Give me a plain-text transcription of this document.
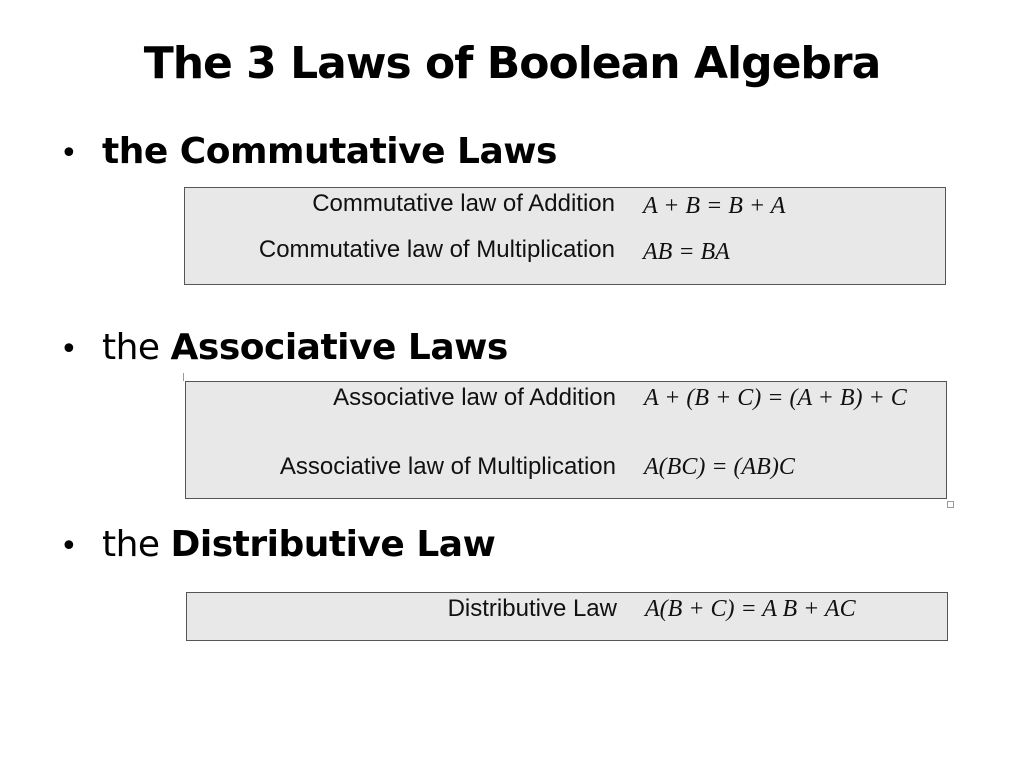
The 3 Laws of Boolean Algebra
• the Commutative Laws
Commutative law of Addition A + B = B + A
Commutative law of Multiplication AB = BA
• the Associative Laws
Associative law of Addition A + (B + C) = (A + B) + C
Associative law of Multiplication A(BC) = (AB)C
• the Distributive Law
Distributive Law A(B + C) = A B + AC
